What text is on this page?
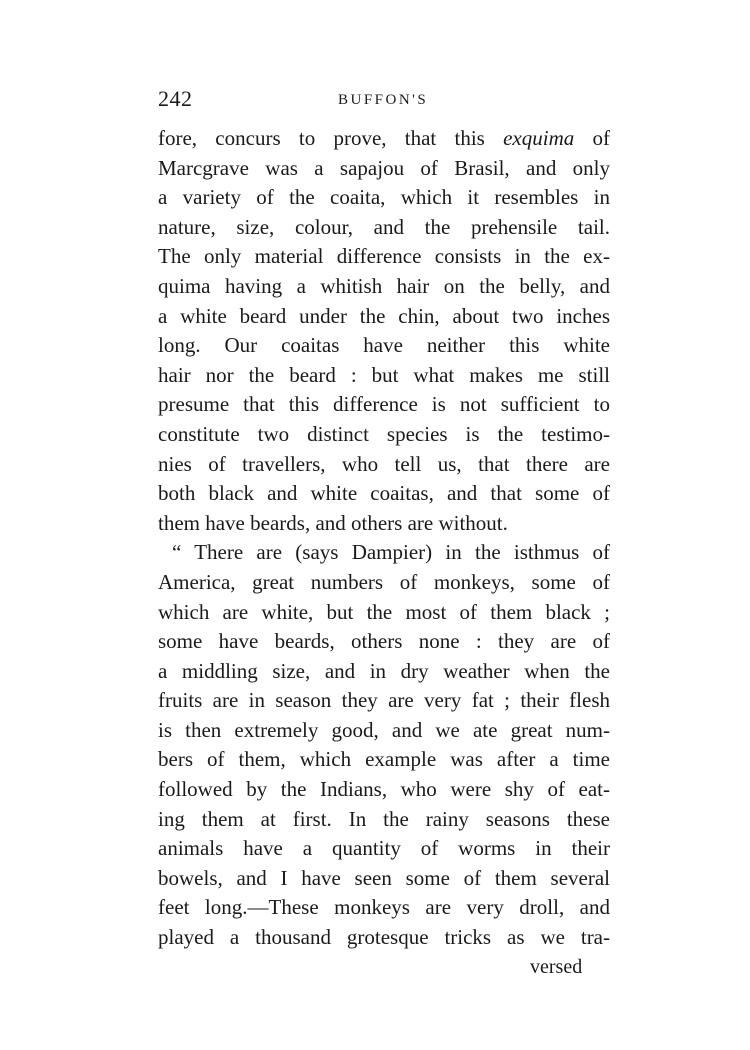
242	BUFFON'S
fore, concurs to prove, that this exquima of
Marcgrave was a sapajou of Brasil, and only
a variety of the coaita, which it resembles in
nature, size, colour, and the prehensile tail.
The only material difference consists in the ex-
quima having a whitish hair on the belly, and
a white beard under the chin, about two inches
long. Our coaitas have neither this white
hair nor the beard : but what makes me still
presume that this difference is not sufficient to
constitute two distinct species is the testimo-
nies of travellers, who tell us, that there are
both black and white coaitas, and that some of
them have beards, and others are without.
“ There are (says Dampier) in the isthmus of
America, great numbers of monkeys, some of
which are white, but the most of them black ;
some have beards, others none : they are of
a middling size, and in dry weather when the
fruits are in season they are very fat ; their flesh
is then extremely good, and we ate great num-
bers of them, which example was after a time
followed by the Indians, who were shy of eat-
ing them at first. In the rainy seasons these
animals have a quantity of worms in their
bowels, and I have seen some of them several
feet long.—These monkeys are very droll, and
played a thousand grotesque tricks as we tra-
versed
